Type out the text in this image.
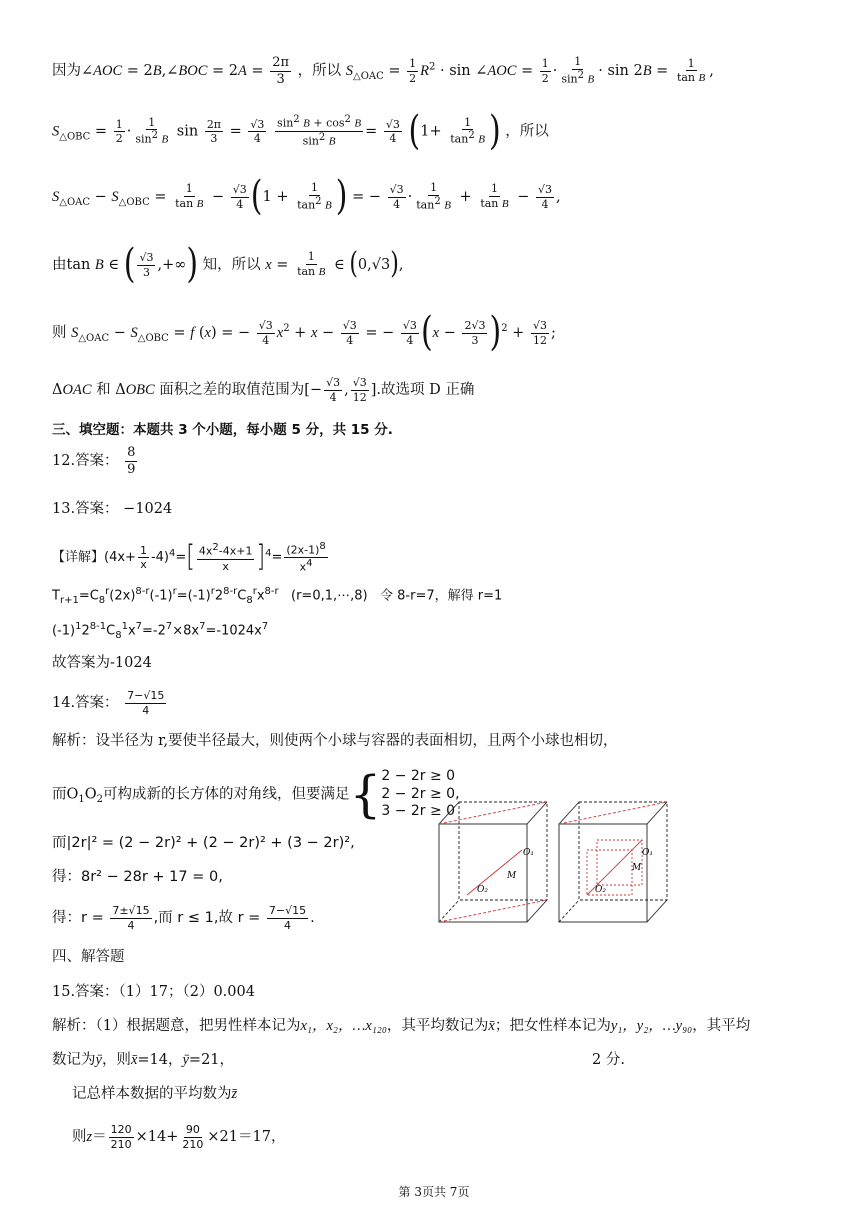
因为∠AOC = 2B,∠BOC = $2A = \frac{2\pi}{3}$ ，所以 $S_{\triangle OAC} = \frac{1}{2} R^2 \cdot \sin$ ∠AOC = $\frac{1}{2} \cdot \frac{1}{\sin^2 B} \cdot \sin 2B = \frac{1}{\text{tan B}}$ ,
$S_{\triangle OBC} = \frac{1}{2} \cdot \frac{1}{\sin^2 B}$ $\sin \frac{2\pi}{3} = \frac{√3}{4}$
$\frac{\sin^2 B + \cos^2 B}{\sin^2 B} = \frac{√3}{4} (1+ \frac{1}{\tan^2 B}$ ) ，所以
$S_{\triangle OAC} - S_{\triangle OBC} = \frac{1}{\text{tan B}} - \frac{√3}{4} (1 + \frac{1}{\tan^2 B}$ ) = − $\frac{√3}{4} \cdot \frac{1}{\tan^2 B} + \frac{1}{\text{tan B}} - \frac{√3}{4}$ ,
由tan B ∈ ( $\frac{√3}{3}$ ,+∞) 知，所以 $x = \frac{1}{\text{tan B}}$ ∈ (0,√3),
则 $S_{\triangle OAC} - S_{\triangle OBC} = f$ (x) = − $\frac{√3}{4} x^2 + x - \frac{√3}{4}$ = − $\frac{√3}{4} (x - \frac{2√3}{3} )^2 + \frac{√3}{12}$ ;
ΔOAC 和 ΔOBC 面积之差的取值范围为[− $\frac{√3}{4}$ , $\frac{√3}{12}$ ].故选项 D 正确
三、填空题：本题共 3 个小题，每小题 5 分，共 15 分.
12.答案： $\frac{8}{9}$
13.答案： −1024
【详解】$(4x+ \frac{1}{x} -4)^4=[ \frac{4x^2-4x+1}{x} ]^4= \frac{(2x-1)^8}{x^4}$
$T_{r+1}=C_8^r(2x)^{8-r}(-1)^r=(-1)^r2^{8-r}C_8^rx^{8-r}$ (r=0,1,⋯,8) 令 8-r=7，解得 r=1
$(-1)^12^{8-1}C_8^1x^7=-2^7\times 8x^7=-1024x^7$
故答案为-1024
14.答案： $\frac{7-√15}{4}$
解析：设半径为 r,要使半径最大，则使两个小球与容器的表面相切，且两个小球也相切，
而$O_1O_2$可构成新的长方体的对角线，但要满足{ 2 − 2r ≥ 0
2 − 2r ≥ 0,
3 − 2r ≥ 0
而|2r|² = (2 − 2r)² + (2 − 2r)² + (3 − 2r)²,
得：8r² − 28r + 17 = 0,
得：$r = \frac{7\pm√15}{4}$ ,而 r ≤ 1,故 $r = \frac{7-√15}{4}$ .
O₁
M
O₂
O₁
M
O₂
四、解答题
15.答案：（1）17；（2）0.004
解析：（1）根据题意，把男性样本记为x₁，x₂，…x₁₂₀，其平均数记为x̄；把女性样本记为y₁，y₂，…y₉₀，其平均
数记为ȳ，则x̄=14，ȳ=21，	2 分.
记总样本数据的平均数为z̄
则$z= \frac{120}{210} \times 14+ \frac{90}{210} \times 21=17$，
第 3页共 7页
